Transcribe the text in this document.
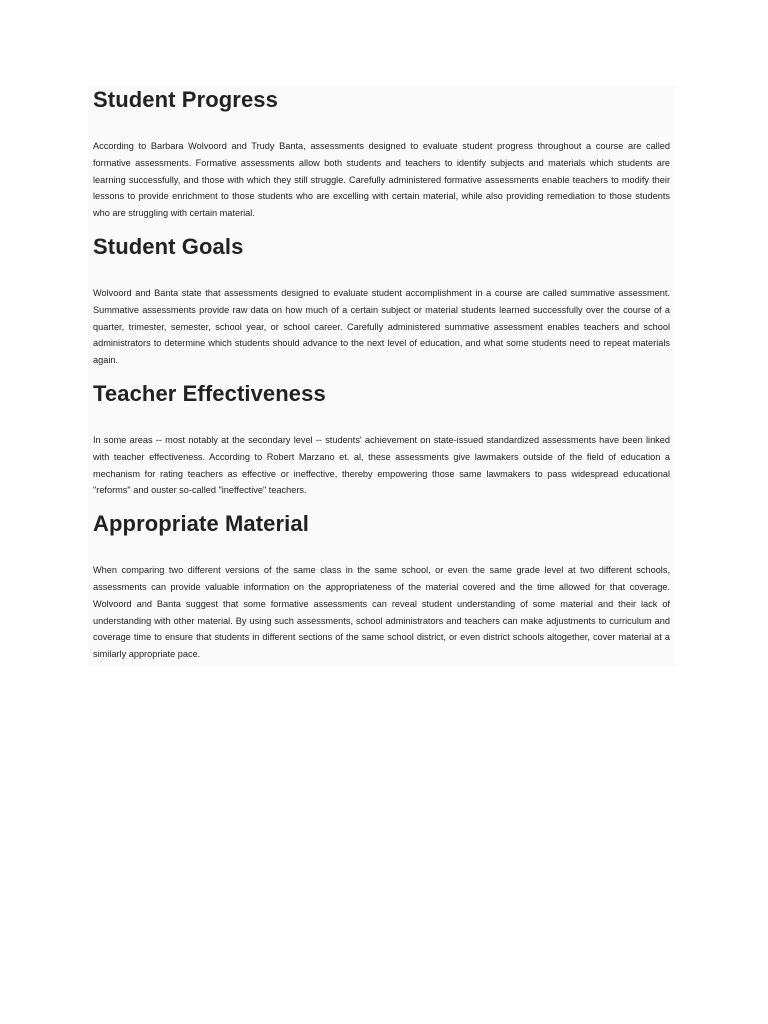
Student Progress

According to Barbara Wolvoord and Trudy Banta, assessments designed to evaluate student progress throughout a course are called formative assessments. Formative assessments allow both students and teachers to identify subjects and materials which students are learning successfully, and those with which they still struggle. Carefully administered formative assessments enable teachers to modify their lessons to provide enrichment to those students who are excelling with certain material, while also providing remediation to those students who are struggling with certain material.

Student Goals

Wolvoord and Banta state that assessments designed to evaluate student accomplishment in a course are called summative assessment. Summative assessments provide raw data on how much of a certain subject or material students learned successfully over the course of a quarter, trimester, semester, school year, or school career. Carefully administered summative assessment enables teachers and school administrators to determine which students should advance to the next level of education, and what some students need to repeat materials again.

Teacher Effectiveness

In some areas -- most notably at the secondary level -- students' achievement on state-issued standardized assessments have been linked with teacher effectiveness. According to Robert Marzano et. al, these assessments give lawmakers outside of the field of education a mechanism for rating teachers as effective or ineffective, thereby empowering those same lawmakers to pass widespread educational "reforms" and ouster so-called "ineffective" teachers.

Appropriate Material

When comparing two different versions of the same class in the same school, or even the same grade level at two different schools, assessments can provide valuable information on the appropriateness of the material covered and the time allowed for that coverage. Wolvoord and Banta suggest that some formative assessments can reveal student understanding of some material and their lack of understanding with other material. By using such assessments, school administrators and teachers can make adjustments to curriculum and coverage time to ensure that students in different sections of the same school district, or even district schools altogether, cover material at a similarly appropriate pace.
